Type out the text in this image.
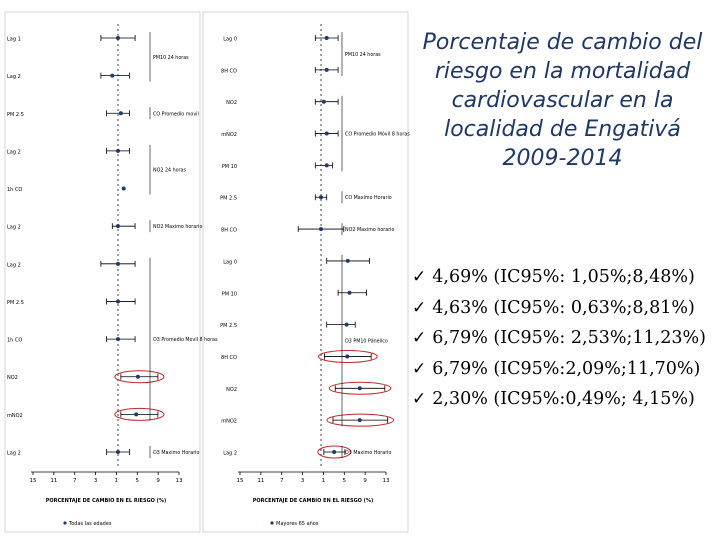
Lag 1
Lag 2
PM 2.5
Lag 2
1h CO
Lag 2
Lag 2
PM 2.5
1h CO
NO2
mNO2
Lag 2
PM10 24 horas
CO Promedio movil
NO2 24 horas
NO2 Maximo horario
O3 Promedio Movil 8 horas
O3 Maximo Horario
15	11	7	3	1	5	9	13
PORCENTAJE DE CAMBIO EN EL RIESGO (%)
Todas las edades
Lag 0
8H CO
NO2
mNO2
PM 10
PM 2.5
8H CO
Lag 0
PM 10
PM 2.5
8H CO
NO2
mNO2
Lag 2
PM10 24 horas
CO Promedio Móvil 8 horas
CO Maximo Horario
NO2 Maximo horario
O3 PM10 Pánelico
O3 Maximo Horario
15	11	7	3	1	5	9	13
PORCENTAJE DE CAMBIO EN EL RIESGO (%)
Mayores 65 años
Porcentaje de cambio del riesgo en la mortalidad cardiovascular en la localidad de Engativá 2009-2014
✓ 4,69% (IC95%: 1,05%;8,48%)
✓ 4,63% (IC95%: 0,63%;8,81%)
✓ 6,79% (IC95%: 2,53%;11,23%)
✓ 6,79% (IC95%:2,09%;11,70%)
✓ 2,30% (IC95%:0,49%; 4,15%)
